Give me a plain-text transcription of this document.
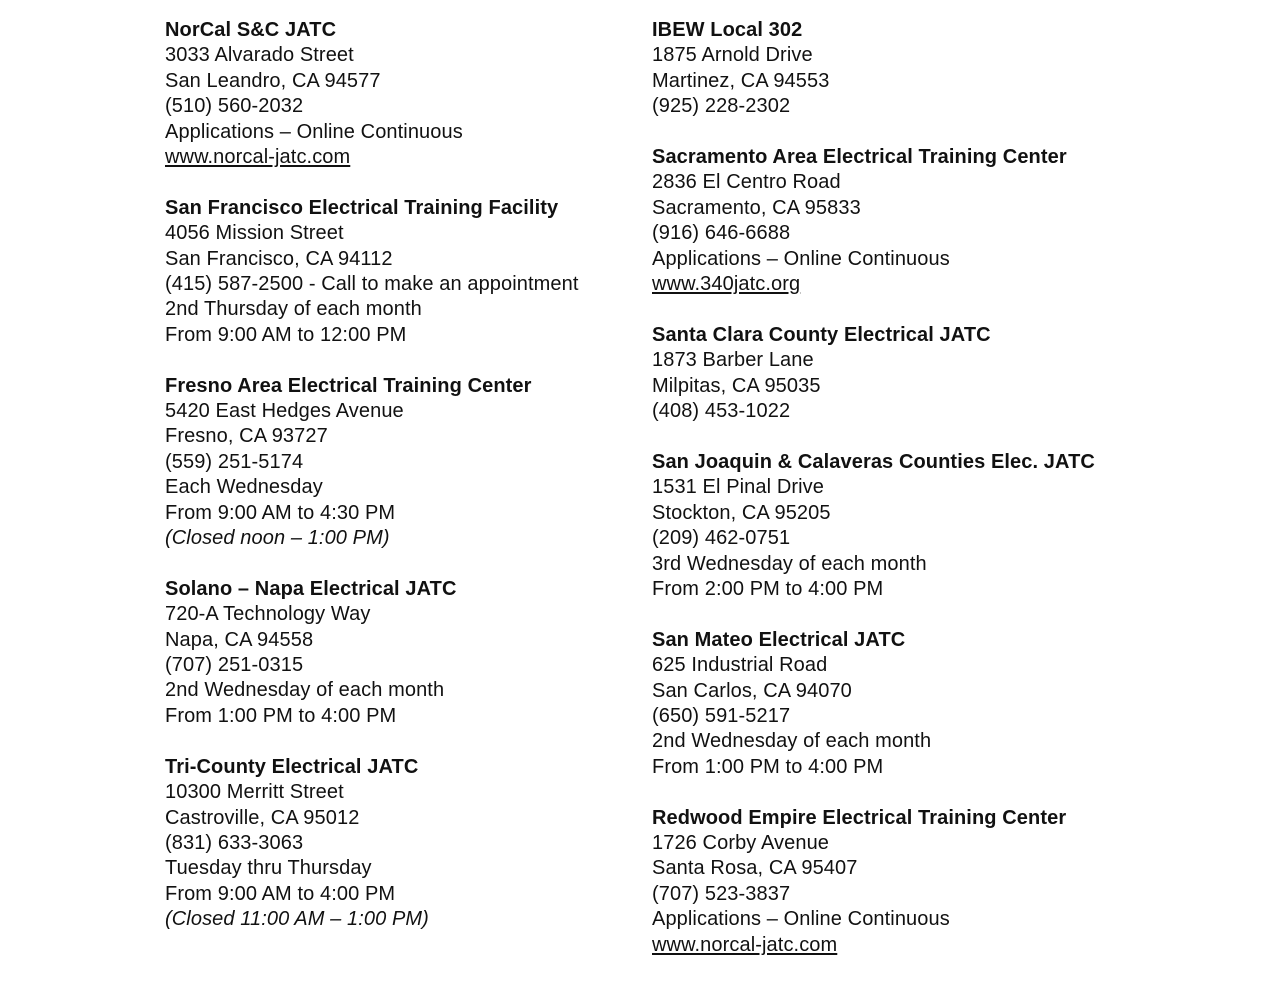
NorCal S&C JATC
3033 Alvarado Street
San Leandro, CA 94577
(510) 560-2032
Applications – Online Continuous
www.norcal-jatc.com
San Francisco Electrical Training Facility
4056 Mission Street
San Francisco, CA 94112
(415) 587-2500 - Call to make an appointment
2nd Thursday of each month
From 9:00 AM to 12:00 PM
Fresno Area Electrical Training Center
5420 East Hedges Avenue
Fresno, CA 93727
(559) 251-5174
Each Wednesday
From 9:00 AM to 4:30 PM
(Closed noon – 1:00 PM)
Solano – Napa Electrical JATC
720-A Technology Way
Napa, CA 94558
(707) 251-0315
2nd Wednesday of each month
From 1:00 PM to 4:00 PM
Tri-County Electrical JATC
10300 Merritt Street
Castroville, CA 95012
(831) 633-3063
Tuesday thru Thursday
From 9:00 AM to 4:00 PM
(Closed 11:00 AM – 1:00 PM)
IBEW Local 302
1875 Arnold Drive
Martinez, CA 94553
(925) 228-2302
Sacramento Area Electrical Training Center
2836 El Centro Road
Sacramento, CA 95833
(916) 646-6688
Applications – Online Continuous
www.340jatc.org
Santa Clara County Electrical JATC
1873 Barber Lane
Milpitas, CA 95035
(408) 453-1022
San Joaquin & Calaveras Counties Elec. JATC
1531 El Pinal Drive
Stockton, CA 95205
(209) 462-0751
3rd Wednesday of each month
From 2:00 PM to 4:00 PM
San Mateo Electrical JATC
625 Industrial Road
San Carlos, CA 94070
(650) 591-5217
2nd Wednesday of each month
From 1:00 PM to 4:00 PM
Redwood Empire Electrical Training Center
1726 Corby Avenue
Santa Rosa, CA 95407
(707) 523-3837
Applications – Online Continuous
www.norcal-jatc.com
